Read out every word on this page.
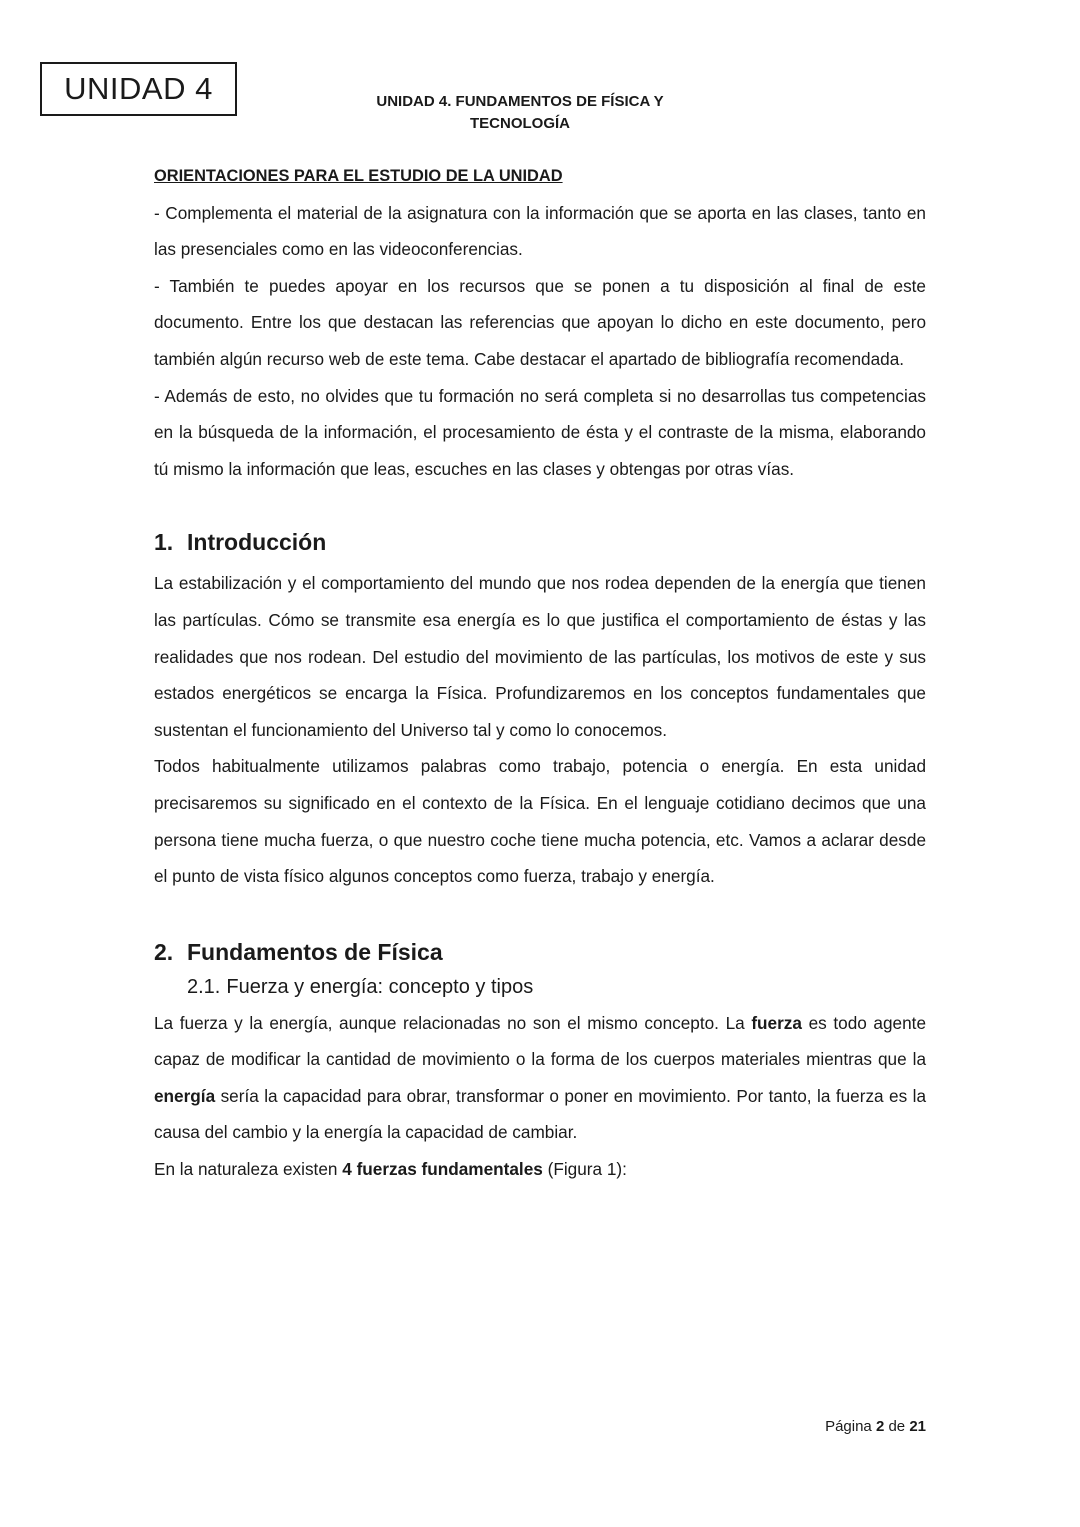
UNIDAD 4	UNIDAD 4. FUNDAMENTOS DE FÍSICA Y
TECNOLOGÍA
ORIENTACIONES PARA EL ESTUDIO DE LA UNIDAD

- Complementa el material de la asignatura con la información que se aporta en las clases, tanto en las presenciales como en las videoconferencias.

- También te puedes apoyar en los recursos que se ponen a tu disposición al final de este documento. Entre los que destacan las referencias que apoyan lo dicho en este documento, pero también algún recurso web de este tema. Cabe destacar el apartado de bibliografía recomendada.

- Además de esto, no olvides que tu formación no será completa si no desarrollas tus competencias en la búsqueda de la información, el procesamiento de ésta y el contraste de la misma, elaborando tú mismo la información que leas, escuches en las clases y obtengas por otras vías.

1. Introducción

La estabilización y el comportamiento del mundo que nos rodea dependen de la energía que tienen las partículas. Cómo se transmite esa energía es lo que justifica el comportamiento de éstas y las realidades que nos rodean. Del estudio del movimiento de las partículas, los motivos de este y sus estados energéticos se encarga la Física. Profundizaremos en los conceptos fundamentales que sustentan el funcionamiento del Universo tal y como lo conocemos.

Todos habitualmente utilizamos palabras como trabajo, potencia o energía. En esta unidad precisaremos su significado en el contexto de la Física. En el lenguaje cotidiano decimos que una persona tiene mucha fuerza, o que nuestro coche tiene mucha potencia, etc. Vamos a aclarar desde el punto de vista físico algunos conceptos como fuerza, trabajo y energía.

2. Fundamentos de Física
2.1. Fuerza y energía: concepto y tipos

La fuerza y la energía, aunque relacionadas no son el mismo concepto. La fuerza es todo agente capaz de modificar la cantidad de movimiento o la forma de los cuerpos materiales mientras que la energía sería la capacidad para obrar, transformar o poner en movimiento. Por tanto, la fuerza es la causa del cambio y la energía la capacidad de cambiar.

En la naturaleza existen 4 fuerzas fundamentales (Figura 1):

Página 2 de 21
